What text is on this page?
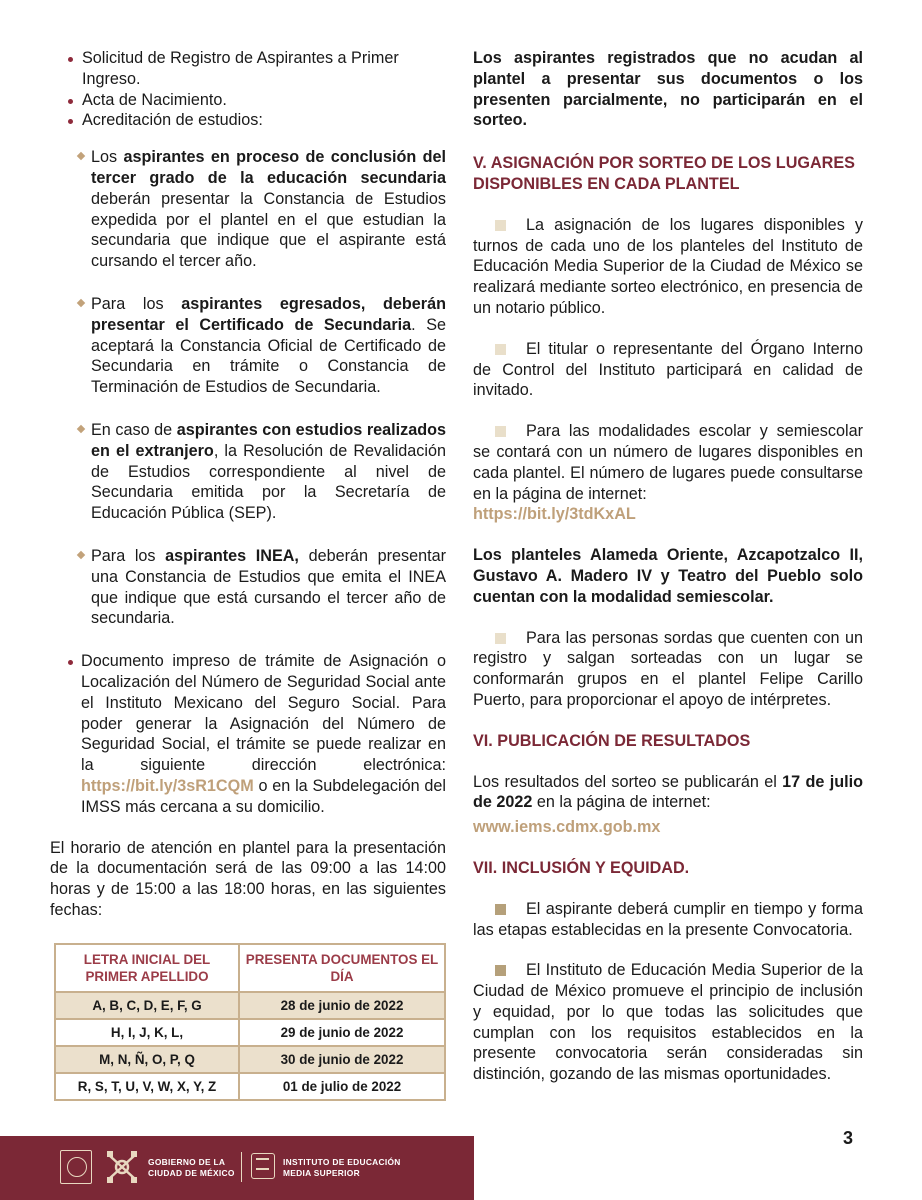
Solicitud de Registro de Aspirantes a Primer Ingreso.
Acta de Nacimiento.
Acreditación de estudios:

Los aspirantes en proceso de conclusión del tercer grado de la educación secundaria deberán presentar la Constancia de Estudios expedida por el plantel en el que estudian la secundaria que indique que el aspirante está cursando el tercer año.

Para los aspirantes egresados, deberán presentar el Certificado de Secundaria. Se aceptará la Constancia Oficial de Certificado de Secundaria en trámite o Constancia de Terminación de Estudios de Secundaria.

En caso de aspirantes con estudios realizados en el extranjero, la Resolución de Revalidación de Estudios correspondiente al nivel de Secundaria emitida por la Secretaría de Educación Pública (SEP).

Para los aspirantes INEA, deberán presentar una Constancia de Estudios que emita el INEA que indique que está cursando el tercer año de secundaria.

Documento impreso de trámite de Asignación o Localización del Número de Seguridad Social ante el Instituto Mexicano del Seguro Social. Para poder generar la Asignación del Número de Seguridad Social, el trámite se puede realizar en la siguiente dirección electrónica: https://bit.ly/3sR1CQM o en la Subdelegación del IMSS más cercana a su domicilio.

El horario de atención en plantel para la presentación de la documentación será de las 09:00 a las 14:00 horas y de 15:00 a las 18:00 horas, en las siguientes fechas:

LETRA INICIAL DEL PRIMER APELLIDO	PRESENTA DOCUMENTOS EL DÍA
A, B, C, D, E, F, G	28 de junio de 2022
H, I, J, K, L,	29 de junio de 2022
M, N, Ñ, O, P, Q	30 de junio de 2022
R, S, T, U, V, W, X, Y, Z	01 de julio de 2022

Los aspirantes registrados que no acudan al plantel a presentar sus documentos o los presenten parcialmente, no participarán en el sorteo.

V. ASIGNACIÓN POR SORTEO DE LOS LUGARES DISPONIBLES EN CADA PLANTEL

La asignación de los lugares disponibles y turnos de cada uno de los planteles del Instituto de Educación Media Superior de la Ciudad de México se realizará mediante sorteo electrónico, en presencia de un notario público.

El titular o representante del Órgano Interno de Control del Instituto participará en calidad de invitado.

Para las modalidades escolar y semiescolar se contará con un número de lugares disponibles en cada plantel. El número de lugares puede consultarse en la página de internet:

https://bit.ly/3tdKxAL

Los planteles Alameda Oriente, Azcapotzalco II, Gustavo A. Madero IV y Teatro del Pueblo solo cuentan con la modalidad semiescolar.

Para las personas sordas que cuenten con un registro y salgan sorteadas con un lugar se conformarán grupos en el plantel Felipe Carillo Puerto, para proporcionar el apoyo de intérpretes.

VI. PUBLICACIÓN DE RESULTADOS

Los resultados del sorteo se publicarán el 17 de julio de 2022 en la página de internet:

www.iems.cdmx.gob.mx

VII. INCLUSIÓN Y EQUIDAD.

El aspirante deberá cumplir en tiempo y forma las etapas establecidas en la presente Convocatoria.

El Instituto de Educación Media Superior de la Ciudad de México promueve el principio de inclusión y equidad, por lo que todas las solicitudes que cumplan con los requisitos establecidos en la presente convocatoria serán consideradas sin distinción, gozando de las mismas oportunidades.

3
GOBIERNO DE LA
CIUDAD DE MÉXICO
INSTITUTO DE EDUCACIÓN
MEDIA SUPERIOR
